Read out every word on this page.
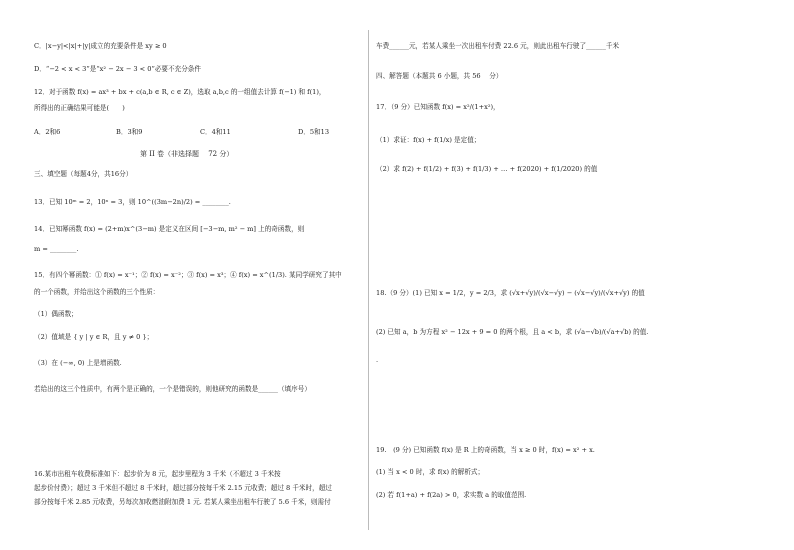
C．|x−y|<|x|+|y|成立的充要条件是 xy ≥ 0
D．“−2 < x < 3”是“x² − 2x − 3 < 0”必要不充分条件
12．对于函数 f(x) = ax³ + bx + c(a,b ∈ R, c ∈ Z)，选取 a,b,c 的一组值去计算 f(−1) 和 f(1)，
所得出的正确结果可能是(　　)
A．2和6	B．3和9	C．4和11	D．5和13
第 II 卷（非选择题　 72 分）
三、填空题（每题4分，共16分）
13．已知 10ᵐ = 2，10ⁿ = 3，则 10^((3m−2n)/2) = ________.
14．已知幂函数 f(x) = (2+m)x^(3−m) 是定义在区间 [−3−m, m² − m] 上的奇函数，则
m = ________.
15．有四个幂函数：① f(x) = x⁻¹；② f(x) = x⁻²；③ f(x) = x³；④ f(x) = x^(1/3). 某同学研究了其中
的一个函数，并给出这个函数的三个性质：
（1）偶函数；
（2）值域是 { y | y ∈ R，且 y ≠ 0 }；
（3）在 (−∞, 0) 上是增函数.
若给出的这三个性质中，有两个是正确的，一个是错误的，则他研究的函数是______（填序号）
16.某市出租车收费标准如下：起步价为 8 元，起步里程为 3 千米（不超过 3 千米按
起步价付费）；超过 3 千米但不超过 8 千米时，超过部分按每千米 2.15 元收费；超过 8 千米时，超过
部分按每千米 2.85 元收费，另每次加收燃油附加费 1 元. 若某人乘坐出租车行驶了 5.6 千米，则需付
车费______元，若某人乘坐一次出租车付费 22.6 元，则此出租车行驶了______千米
四、解答题（本题共 6 小题，共 56　 分）
17．（9 分）已知函数 f(x) = x²/(1+x²)，
（1）求证：f(x) + f(1/x) 是定值；
（2）求 f(2) + f(1/2) + f(3) + f(1/3) + … + f(2020) + f(1/2020) 的值
18.（9 分）(1) 已知 x = 1/2，y = 2/3，求 (√x+√y)/(√x−√y) − (√x−√y)/(√x+√y) 的值
(2) 已知 a，b 为方程 x² − 12x + 9 = 0 的两个根，且 a < b，求 (√a−√b)/(√a+√b) 的值.
.
19.　(9 分) 已知函数 f(x) 是 R 上的奇函数，当 x ≥ 0 时，f(x) = x² + x.
(1) 当 x < 0 时，求 f(x) 的解析式；
(2) 若 f(1+a) + f(2a) > 0，求实数 a 的取值范围.
